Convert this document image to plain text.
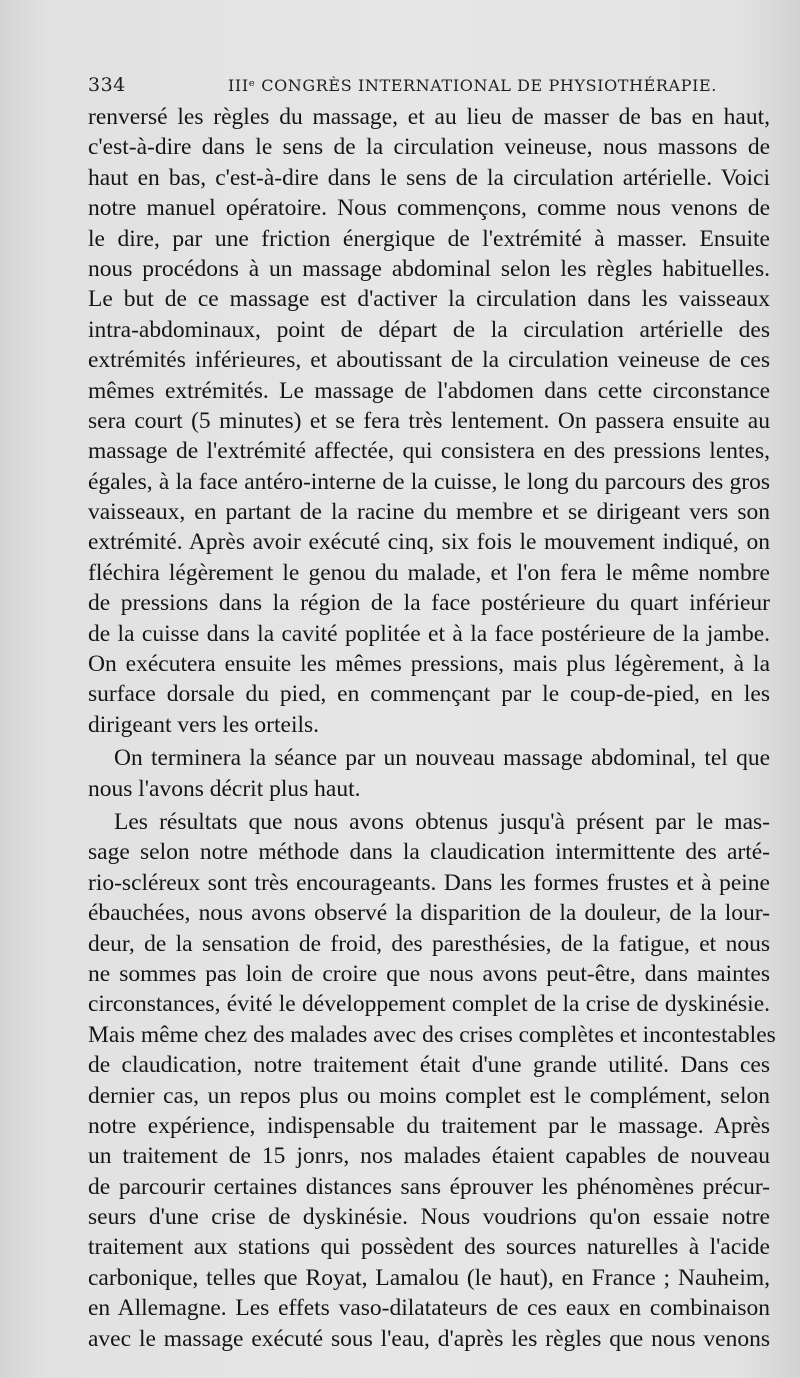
334	IIIᵉ CONGRÈS INTERNATIONAL DE PHYSIOTHÉRAPIE.
renversé les règles du massage, et au lieu de masser de bas en haut,
c'est-à-dire dans le sens de la circulation veineuse, nous massons de
haut en bas, c'est-à-dire dans le sens de la circulation artérielle. Voici
notre manuel opératoire. Nous commençons, comme nous venons de
le dire, par une friction énergique de l'extrémité à masser. Ensuite
nous procédons à un massage abdominal selon les règles habituelles.
Le but de ce massage est d'activer la circulation dans les vaisseaux
intra-abdominaux, point de départ de la circulation artérielle des
extrémités inférieures, et aboutissant de la circulation veineuse de ces
mêmes extrémités. Le massage de l'abdomen dans cette circonstance
sera court (5 minutes) et se fera très lentement. On passera ensuite au
massage de l'extrémité affectée, qui consistera en des pressions lentes,
égales, à la face antéro-interne de la cuisse, le long du parcours des gros
vaisseaux, en partant de la racine du membre et se dirigeant vers son
extrémité. Après avoir exécuté cinq, six fois le mouvement indiqué, on
fléchira légèrement le genou du malade, et l'on fera le même nombre
de pressions dans la région de la face postérieure du quart inférieur
de la cuisse dans la cavité poplitée et à la face postérieure de la jambe.
On exécutera ensuite les mêmes pressions, mais plus légèrement, à la
surface dorsale du pied, en commençant par le coup-de-pied, en les
dirigeant vers les orteils.
On terminera la séance par un nouveau massage abdominal, tel que
nous l'avons décrit plus haut.
Les résultats que nous avons obtenus jusqu'à présent par le mas-
sage selon notre méthode dans la claudication intermittente des arté-
rio-scléreux sont très encourageants. Dans les formes frustes et à peine
ébauchées, nous avons observé la disparition de la douleur, de la lour-
deur, de la sensation de froid, des paresthésies, de la fatigue, et nous
ne sommes pas loin de croire que nous avons peut-être, dans maintes
circonstances, évité le développement complet de la crise de dyskinésie.
Mais même chez des malades avec des crises complètes et incontestables
de claudication, notre traitement était d'une grande utilité. Dans ces
dernier cas, un repos plus ou moins complet est le complément, selon
notre expérience, indispensable du traitement par le massage. Après
un traitement de 15 jonrs, nos malades étaient capables de nouveau
de parcourir certaines distances sans éprouver les phénomènes précur-
seurs d'une crise de dyskinésie. Nous voudrions qu'on essaie notre
traitement aux stations qui possèdent des sources naturelles à l'acide
carbonique, telles que Royat, Lamalou (le haut), en France ; Nauheim,
en Allemagne. Les effets vaso-dilatateurs de ces eaux en combinaison
avec le massage exécuté sous l'eau, d'après les règles que nous venons
